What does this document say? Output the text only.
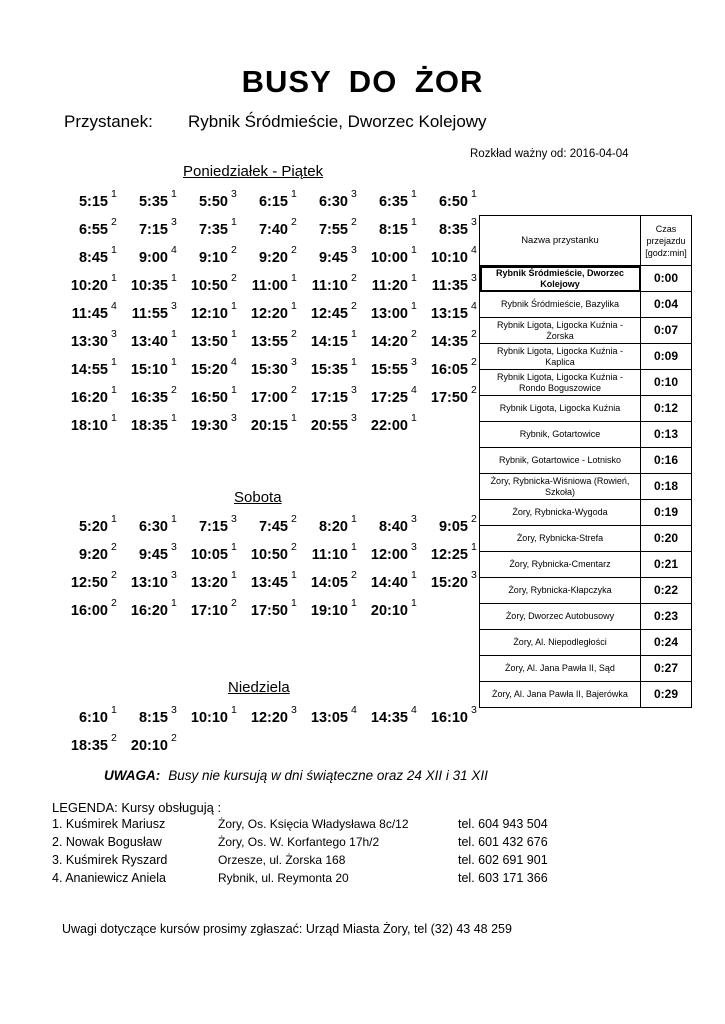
BUSY DO ŻOR
Przystanek: Rybnik Śródmieście, Dworzec Kolejowy
Rozkład ważny od: 2016-04-04
Poniedziałek - Piątek
5:15 1	5:35 1	5:50 3	6:15 1	6:30 3	6:35 1	6:50 1
6:55 2	7:15 3	7:35 1	7:40 2	7:55 2	8:15 1	8:35 3
8:45 1	9:00 4	9:10 2	9:20 2	9:45 3 10:00 1 10:10 4
10:20 1 10:35 1 10:50 2	11:00 1	11:10 2	11:20 1	11:35 3
11:45 4	11:55 3 12:10 1 12:20 1 12:45 2 13:00 1 13:15 4
13:30 3 13:40 1 13:50 1 13:55 2 14:15 1 14:20 2 14:35 2
14:55 1 15:10 1 15:20 4 15:30 3 15:35 1 15:55 3 16:05 2
16:20 1 16:35 2 16:50 1 17:00 2 17:15 3 17:25 4 17:50 2
18:10 1 18:35 1 19:30 3 20:15 1 20:55 3 22:00 1
Sobota
5:20 1	6:30 1	7:15 3	7:45 2	8:20 1	8:40 3	9:05 2
9:20 2	9:45 3 10:05 1 10:50 2	11:10 1 12:00 3 12:25 1
12:50 2 13:10 3 13:20 1 13:45 1 14:05 2 14:40 1 15:20 3
16:00 2 16:20 1 17:10 2 17:50 1 19:10 1 20:10 1
Niedziela
6:10 1	8:15 3 10:10 1 12:20 3 13:05 4 14:35 4 16:10 3
18:35 2 20:10 2
Nazwa przystanku	Czas przejazdu [godz:min]
Rybnik Śródmieście, Dworzec Kolejowy	0:00
Rybnik Śródmieście, Bazylika	0:04
Rybnik Ligota, Ligocka Kuźnia - Żorska	0:07
Rybnik Ligota, Ligocka Kuźnia - Kaplica	0:09
Rybnik Ligota, Ligocka Kuźnia - Rondo Boguszowice	0:10
Rybnik Ligota, Ligocka Kuźnia	0:12
Rybnik, Gotartowice	0:13
Rybnik, Gotartowice - Lotnisko	0:16
Żory, Rybnicka-Wiśniowa (Rowień, Szkoła)	0:18
Żory, Rybnicka-Wygoda	0:19
Żory, Rybnicka-Strefa	0:20
Żory, Rybnicka-Cmentarz	0:21
Żory, Rybnicka-Kłapczyka	0:22
Żory, Dworzec Autobusowy	0:23
Żory, Al. Niepodległości	0:24
Żory, Al. Jana Pawła II, Sąd	0:27
Żory, Al. Jana Pawła II, Bajerówka	0:29
UWAGA: Busy nie kursują w dni świąteczne oraz 24 XII i 31 XII
LEGENDA: Kursy obsługują :
1. Kuśmirek Mariusz	Żory, Os. Księcia Władysława 8c/12	tel. 604 943 504
2. Nowak Bogusław	Żory, Os. W. Korfantego 17h/2	tel. 601 432 676
3. Kuśmirek Ryszard	Orzesze, ul. Żorska 168	tel. 602 691 901
4. Ananiewicz Aniela	Rybnik, ul. Reymonta 20	tel. 603 171 366
Uwagi dotyczące kursów prosimy zgłaszać: Urząd Miasta Żory, tel (32) 43 48 259
